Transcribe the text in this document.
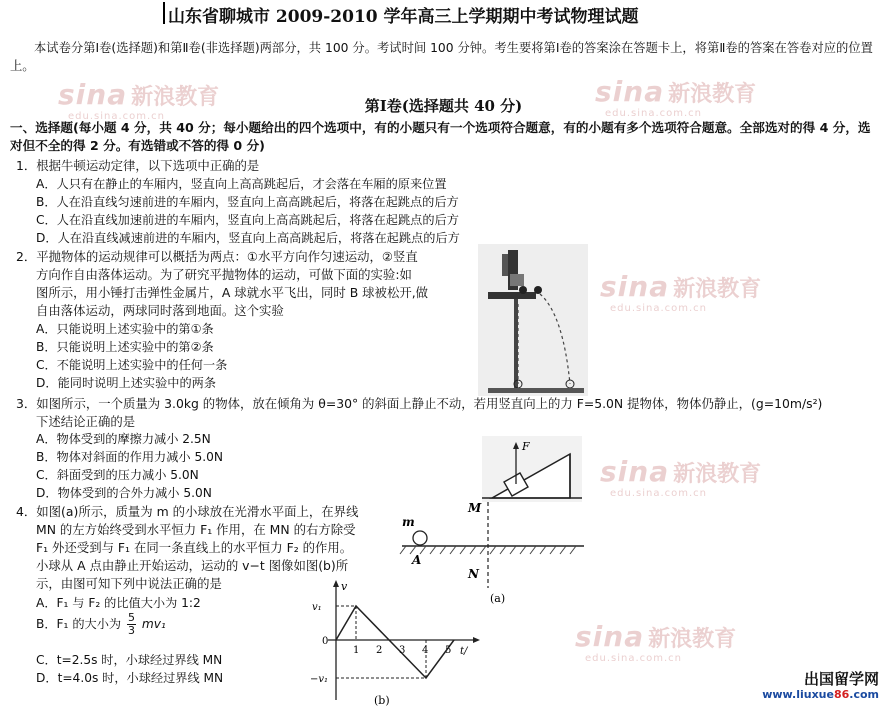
sina 新浪教育
edu.sina.com.cn
sina 新浪教育
edu.sina.com.cn
sina 新浪教育
edu.sina.com.cn
sina 新浪教育
edu.sina.com.cn
sina 新浪教育
edu.sina.com.cn
山东省聊城市 2009-2010 学年高三上学期期中考试物理试题
本试卷分第Ⅰ卷(选择题)和第Ⅱ卷(非选择题)两部分，共 100 分。考试时间 100 分钟。考生要将第Ⅰ卷的答案涂在答题卡上，将第Ⅱ卷的答案在答卷对应的位置上。
第Ⅰ卷(选择题共 40 分)
一、选择题(每小题 4 分，共 40 分；每小题给出的四个选项中，有的小题只有一个选项符合题意，有的小题有多个选项符合题意。全部选对的得 4 分，选对但不全的得 2 分。有选错或不答的得 0 分)
1．根据牛顿运动定律，以下选项中正确的是
A．人只有在静止的车厢内，竖直向上高高跳起后，才会落在车厢的原来位置
B．人在沿直线匀速前进的车厢内，竖直向上高高跳起后，将落在起跳点的后方
C．人在沿直线加速前进的车厢内，竖直向上高高跳起后，将落在起跳点的后方
D．人在沿直线减速前进的车厢内，竖直向上高高跳起后，将落在起跳点的后方
2．平抛物体的运动规律可以概括为两点：①水平方向作匀速运动，②竖直
方向作自由落体运动。为了研究平抛物体的运动，可做下面的实验:如
图所示，用小锤打击弹性金属片，A 球就水平飞出，同时 B 球被松开,做
自由落体运动，两球同时落到地面。这个实验
A．只能说明上述实验中的第①条
B．只能说明上述实验中的第②条
C．不能说明上述实验中的任何一条
D．能同时说明上述实验中的两条
3．如图所示，一个质量为 3.0kg 的物体，放在倾角为 θ=30° 的斜面上静止不动，若用竖直向上的力 F=5.0N 提物体，物体仍静止，(g=10m/s²)
下述结论正确的是
A．物体受到的摩擦力减小 2.5N
B．物体对斜面的作用力减小 5.0N
C．斜面受到的压力减小 5.0N
D．物体受到的合外力减小 5.0N
F
4．如图(a)所示，质量为 m 的小球放在光滑水平面上，在界线
MN 的左方始终受到水平恒力 F₁ 作用，在 MN 的右方除受
F₁ 外还受到与 F₁ 在同一条直线上的水平恒力 F₂ 的作用。
小球从 A 点由静止开始运动，运动的 v−t 图像如图(b)所
示，由图可知下列中说法正确的是
A．F₁ 与 F₂ 的比值大小为 1:2
B．F₁ 的大小为 $\frac{5}{3} mv_1$
C．t=2.5s 时，小球经过界线 MN
D．t=4.0s 时，小球经过界线 MN
m
A
M
N
(a)
v
t/
v₁
−v₁
0
1 2 3 4 5
(b)
出国留学网
www.liuxue86.com
